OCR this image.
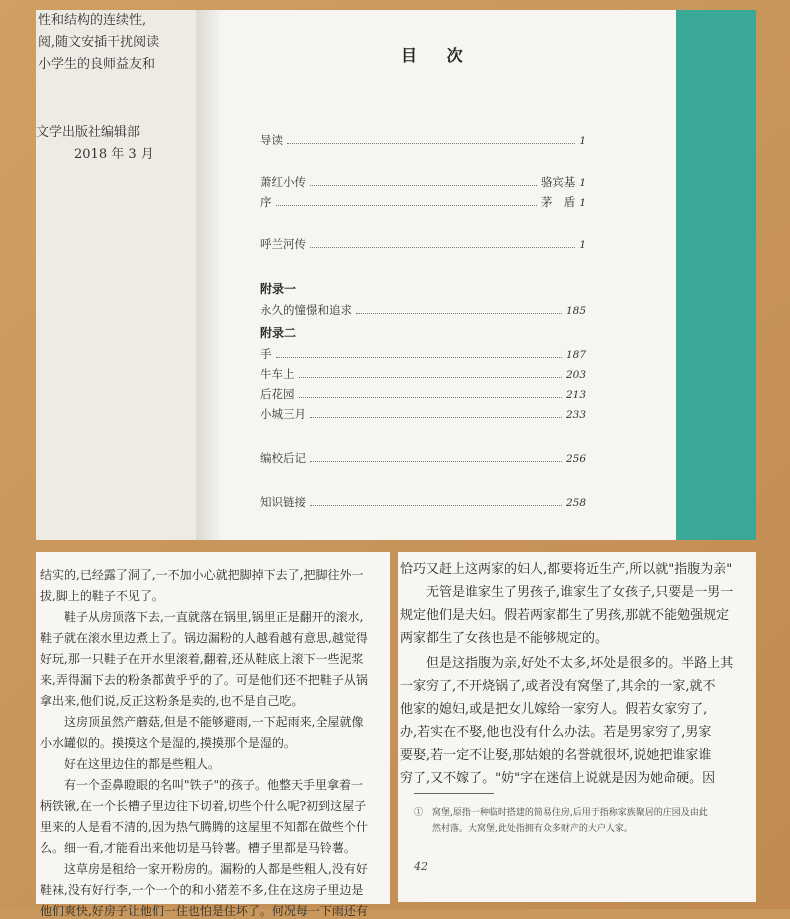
性和结构的连续性,
阅,随文安插干扰阅读
小学生的良师益友和
文学出版社编辑部
2018 年 3 月
目 次
导读	1
萧红小传	骆宾基 1
序	茅　盾 1
呼兰河传	1
附录一
永久的憧憬和追求	185
附录二
手	187
牛车上	203
后花园	213
小城三月	233
编校后记	256
知识链接	258
结实的,已经露了洞了,一不加小心就把脚掉下去了,把脚往外一
拔,脚上的鞋子不见了。
　　鞋子从房顶落下去,一直就落在锅里,锅里正是翻开的滚水,
鞋子就在滚水里边煮上了。锅边漏粉的人越看越有意思,越觉得
好玩,那一只鞋子在开水里滚着,翻着,还从鞋底上滚下一些泥浆
来,弄得漏下去的粉条都黄乎乎的了。可是他们还不把鞋子从锅
拿出来,他们说,反正这粉条是卖的,也不是自己吃。
　　这房顶虽然产蘑菇,但是不能够避雨,一下起雨来,全屋就像
小水罐似的。摸摸这个是湿的,摸摸那个是湿的。
　　好在这里边住的都是些粗人。
　　有一个歪鼻瞪眼的名叫"铁子"的孩子。他整天手里拿着一
柄铁锹,在一个长槽子里边往下切着,切些个什么呢?初到这屋子
里来的人是看不清的,因为热气腾腾的这屋里不知都在做些个什
么。细一看,才能看出来他切是马铃薯。槽子里都是马铃薯。
　　这草房是租给一家开粉房的。漏粉的人都是些粗人,没有好
鞋袜,没有好行李,一个一个的和小猪差不多,住在这房子里边是
他们爽快,好房子让他们一住也怕是住坏了。何况每一下雨还有
恰巧又赶上这两家的妇人,都要将近生产,所以就"指腹为亲"
　　无管是谁家生了男孩子,谁家生了女孩子,只要是一男一
规定他们是夫妇。假若两家都生了男孩,那就不能勉强规定
两家都生了女孩也是不能够规定的。
　　但是这指腹为亲,好处不太多,坏处是很多的。半路上其
一家穷了,不开烧锅了,或者没有窝堡了,其余的一家,就不
他家的媳妇,或是把女儿嫁给一家穷人。假若女家穷了,
办,若实在不娶,他也没有什么办法。若是男家穷了,男家
要娶,若一定不让娶,那姑娘的名誉就很坏,说她把谁家谁
穷了,又不嫁了。"妨"字在迷信上说就是因为她命硬。因
①　窝堡,原指一种临时搭建的简易住房,后用于指称家族聚居的庄园及由此
　　然村落。大窝堡,此处指拥有众多财产的大户人家。
42
